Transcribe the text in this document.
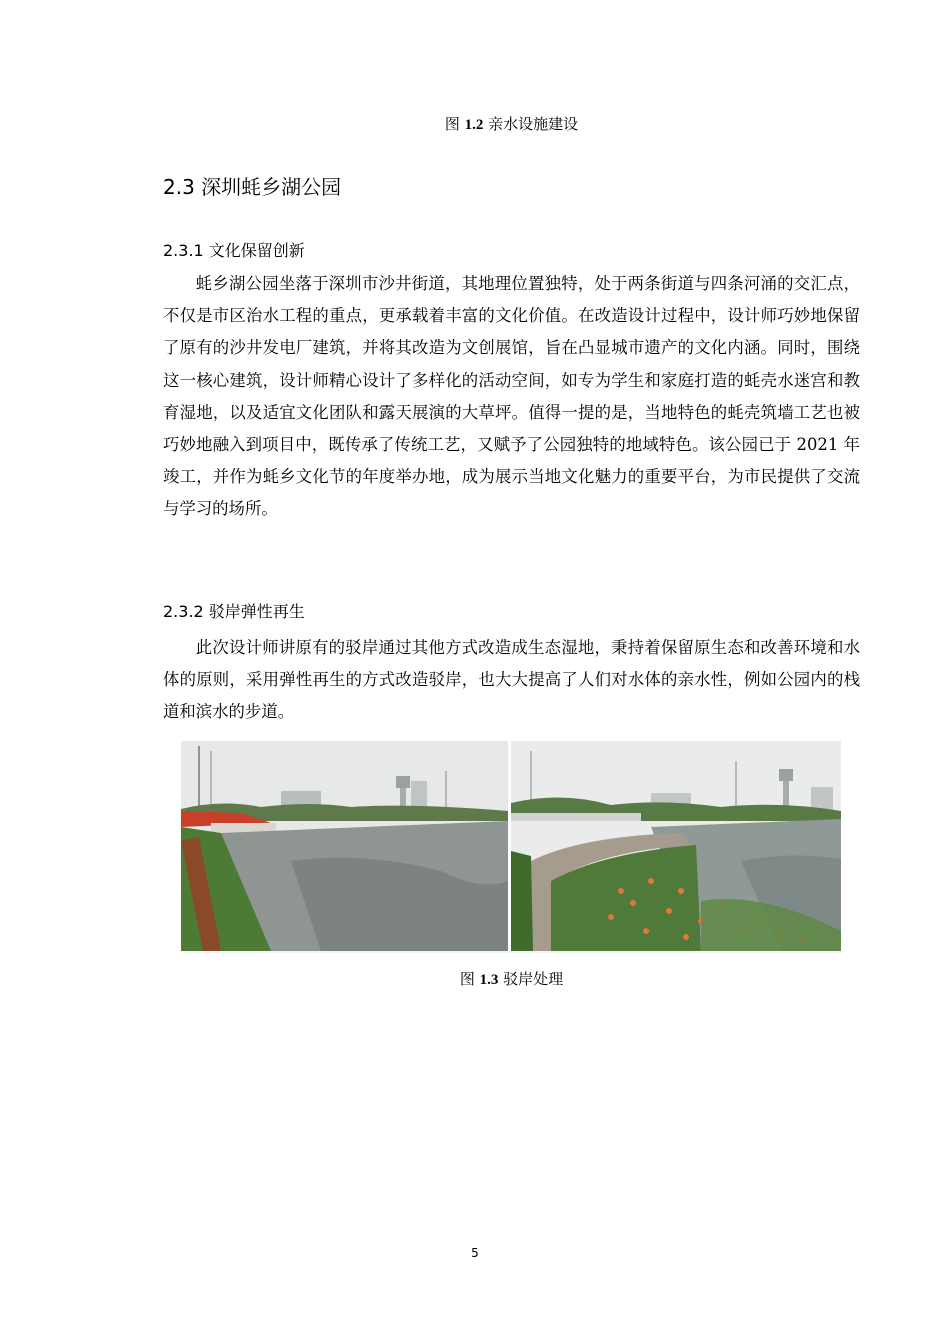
图 1.2 亲水设施建设
2.3 深圳蚝乡湖公园
2.3.1 文化保留创新

蚝乡湖公园坐落于深圳市沙井街道，其地理位置独特，处于两条街道与四条河涌的交汇点，不仅是市区治水工程的重点，更承载着丰富的文化价值。在改造设计过程中，设计师巧妙地保留了原有的沙井发电厂建筑，并将其改造为文创展馆，旨在凸显城市遗产的文化内涵。同时，围绕这一核心建筑，设计师精心设计了多样化的活动空间，如专为学生和家庭打造的蚝壳水迷宫和教育湿地，以及适宜文化团队和露天展演的大草坪。值得一提的是，当地特色的蚝壳筑墙工艺也被巧妙地融入到项目中，既传承了传统工艺，又赋予了公园独特的地域特色。该公园已于 2021 年竣工，并作为蚝乡文化节的年度举办地，成为展示当地文化魅力的重要平台，为市民提供了交流与学习的场所。

2.3.2 驳岸弹性再生

此次设计师讲原有的驳岸通过其他方式改造成生态湿地，秉持着保留原生态和改善环境和水体的原则，采用弹性再生的方式改造驳岸，也大大提高了人们对水体的亲水性，例如公园内的栈道和滨水的步道。

图 1.3 驳岸处理
5
